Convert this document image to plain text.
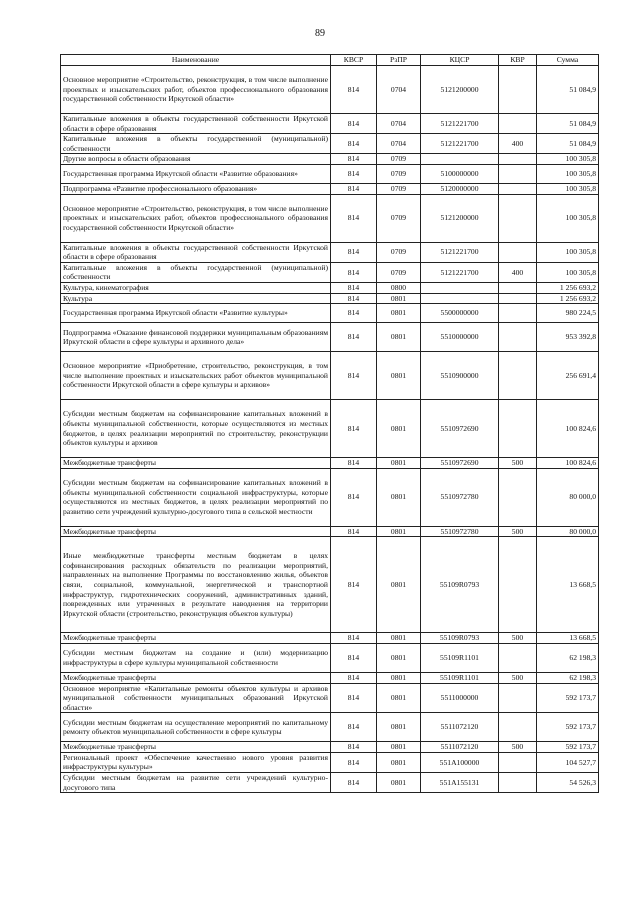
89
Наименование	КВСР	РзПР	КЦСР	КВР	Сумма
Основное мероприятие «Строительство, реконструкция, в том числе выполнение проектных и изыскательских работ, объектов профессионального образования государственной собственности Иркутской области»	814	0704	5121200000		51 084,9
Капитальные вложения в объекты государственной собственности Иркутской области в сфере образования	814	0704	5121221700		51 084,9
Капитальные вложения в объекты государственной (муниципальной) собственности	814	0704	5121221700	400	51 084,9
Другие вопросы в области образования	814	0709			100 305,8
Государственная программа Иркутской области «Развитие образования»	814	0709	5100000000		100 305,8
Подпрограмма «Развитие профессионального образования»	814	0709	5120000000		100 305,8
Основное мероприятие «Строительство, реконструкция, в том числе выполнение проектных и изыскательских работ, объектов профессионального образования государственной собственности Иркутской области»	814	0709	5121200000		100 305,8
Капитальные вложения в объекты государственной собственности Иркутской области в сфере образования	814	0709	5121221700		100 305,8
Капитальные вложения в объекты государственной (муниципальной) собственности	814	0709	5121221700	400	100 305,8
Культура, кинематография	814	0800			1 256 693,2
Культура	814	0801			1 256 693,2
Государственная программа Иркутской области «Развитие культуры»	814	0801	5500000000		980 224,5
Подпрограмма «Оказание финансовой поддержки муниципальным образованиям Иркутской области в сфере культуры и архивного дела»	814	0801	5510000000		953 392,8
Основное мероприятие «Приобретение, строительство, реконструкция, в том числе выполнение проектных и изыскательских работ объектов муниципальной собственности Иркутской области в сфере культуры и архивов»	814	0801	5510900000		256 691,4
Субсидии местным бюджетам на софинансирование капитальных вложений в объекты муниципальной собственности, которые осуществляются из местных бюджетов, в целях реализации мероприятий по строительству, реконструкции объектов культуры и архивов	814	0801	5510972690		100 824,6
Межбюджетные трансферты	814	0801	5510972690	500	100 824,6
Субсидии местным бюджетам на софинансирование капитальных вложений в объекты муниципальной собственности социальной инфраструктуры, которые осуществляются из местных бюджетов, в целях реализации мероприятий по развитию сети учреждений культурно-досугового типа в сельской местности	814	0801	5510972780		80 000,0
Межбюджетные трансферты	814	0801	5510972780	500	80 000,0
Иные межбюджетные трансферты местным бюджетам в целях софинансирования расходных обязательств по реализации мероприятий, направленных на выполнение Программы по восстановлению жилья, объектов связи, социальной, коммунальной, энергетической и транспортной инфраструктур, гидротехнических сооружений, административных зданий, поврежденных или утраченных в результате наводнения на территории Иркутской области (строительство, реконструкция объектов культуры)	814	0801	55109R0793		13 668,5
Межбюджетные трансферты	814	0801	55109R0793	500	13 668,5
Субсидии местным бюджетам на создание и (или) модернизацию инфраструктуры в сфере культуры муниципальной собственности	814	0801	55109R1101		62 198,3
Межбюджетные трансферты	814	0801	55109R1101	500	62 198,3
Основное мероприятие «Капитальные ремонты объектов культуры и архивов муниципальной собственности муниципальных образований Иркутской области»	814	0801	5511000000		592 173,7
Субсидии местным бюджетам на осуществление мероприятий по капитальному ремонту объектов муниципальной собственности в сфере культуры	814	0801	5511072120		592 173,7
Межбюджетные трансферты	814	0801	5511072120	500	592 173,7
Региональный проект «Обеспечение качественно нового уровня развития инфраструктуры культуры»	814	0801	551A100000		104 527,7
Субсидии местным бюджетам на развитие сети учреждений культурно-досугового типа	814	0801	551A155131		54 526,3
